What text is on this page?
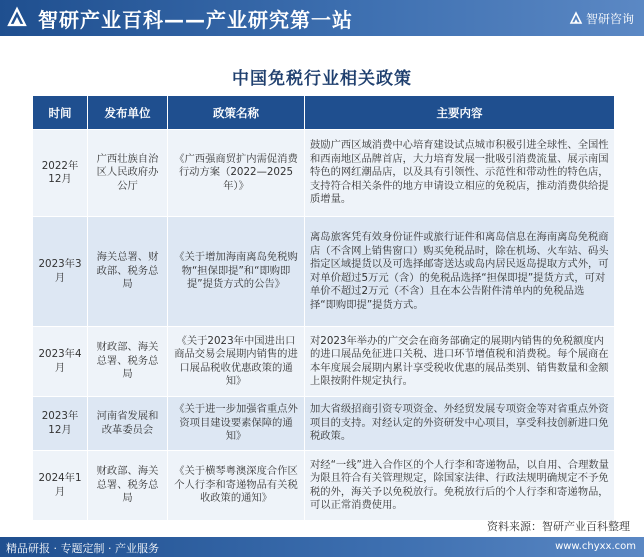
智研产业百科——产业研究第一站	智研咨询
中国免税行业相关政策
时间	发布单位	政策名称	主要内容
2022年12月	广西壮族自治区人民政府办公厅	《广西强商贸扩内需促消费行动方案（2022—2025年）》	鼓励广西区域消费中心培育建设试点城市积极引进全球性、全国性和西南地区品牌首店，大力培育发展一批吸引消费流量、展示南国特色的网红潮品店，以及具有引领性、示范性和带动性的特色店，支持符合相关条件的地方申请设立相应的免税店，推动消费供给提质增量。
2023年3月	海关总署、财政部、税务总局	《关于增加海南离岛免税购物“担保即提”和“即购即提”提货方式的公告》	离岛旅客凭有效身份证件或旅行证件和离岛信息在海南离岛免税商店（不含网上销售窗口）购买免税品时，除在机场、火车站、码头指定区域提货以及可选择邮寄送达或岛内居民返岛提取方式外，可对单价超过5万元（含）的免税品选择“担保即提”提货方式，可对单价不超过2万元（不含）且在本公告附件清单内的免税品选择“即购即提”提货方式。
2023年4月	财政部、海关总署、税务总局	《关于2023年中国进出口商品交易会展期内销售的进口展品税收优惠政策的通知》	对2023年举办的广交会在商务部确定的展期内销售的免税额度内的进口展品免征进口关税、进口环节增值税和消费税。每个展商在本年度展会展期内累计享受税收优惠的展品类别、销售数量和金额上限按附件规定执行。
2023年12月	河南省发展和改革委员会	《关于进一步加强省重点外资项目建设要素保障的通知》	加大省级招商引资专项资金、外经贸发展专项资金等对省重点外资项目的支持。对经认定的外资研发中心项目，享受科技创新进口免税政策。
2024年1月	财政部、海关总署、税务总局	《关于横琴粤澳深度合作区个人行李和寄递物品有关税收政策的通知》	对经“一线”进入合作区的个人行李和寄递物品，以自用、合理数量为限且符合有关管理规定，除国家法律、行政法规明确规定不予免税的外，海关予以免税放行。免税放行后的个人行李和寄递物品，可以正常消费使用。
资料来源：智研产业百科整理
精品研报 · 专题定制 · 产业服务	www.chyxx.com
